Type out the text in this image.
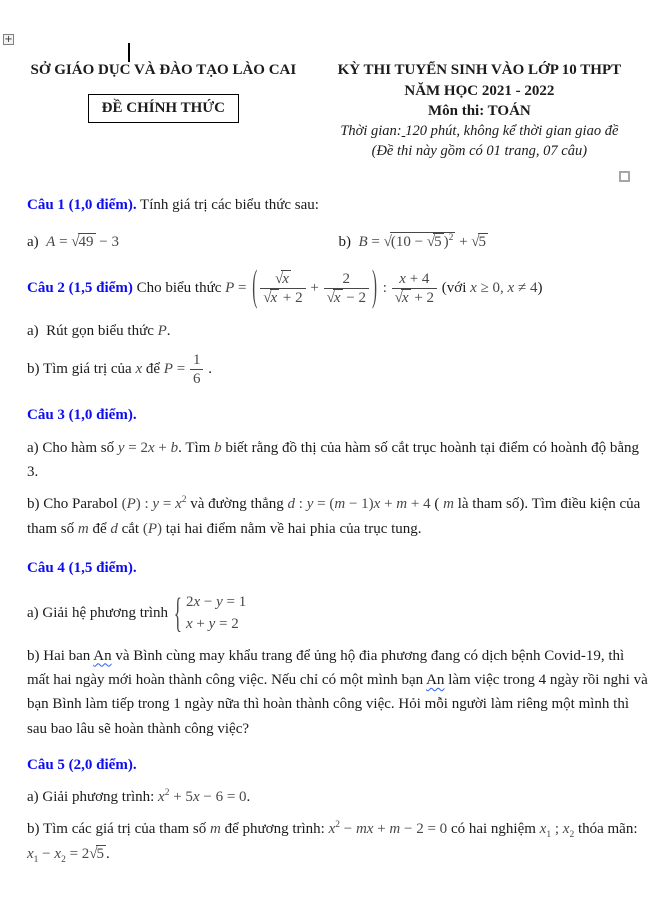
+
SỞ GIÁO DỤC VÀ ĐÀO TẠO LÀO CAI
ĐỀ CHÍNH THỨC
KỲ THI TUYỂN SINH VÀO LỚP 10 THPT
NĂM HỌC 2021 - 2022
Môn thi: TOÁN
Thời gian: 120 phút, không kể thời gian giao đề
(Đề thi này gồm có 01 trang, 07 câu)

Câu 1 (1,0 điểm). Tính giá trị các biểu thức sau:

a)  A = √49 − 3	b)  B = √(10 − √5 )$^2$ + √5

Câu 2 (1,5 điểm) Cho biểu thức P = ( $\frac{√x}{√x + 2} + \frac{2}{√x - 2}$ ) : $\frac{x + 4}{√x + 2}$ (với x ≥ 0, x ≠ 4)

a)  Rút gọn biểu thức P.

b) Tìm giá trị của x để $P = \frac{1}{6}$ .

Câu 3 (1,0 điểm).

a) Cho hàm số y = 2x + b. Tìm b biết rằng đồ thị của hàm số cắt trục hoành tại điểm có hoành độ bằng 3.

b) Cho Parabol (P) : $y = x^2$ và đường thẳng d : y = (m − 1)x + m + 4 ( m là tham số). Tìm điều kiện của tham số m để d cắt (P) tại hai điểm nằm về hai phia của trục tung.

Câu 4 (1,5 điểm).

a) Giải hệ phương trình { 2x − y = 1
x + y = 2

b) Hai ban An và Bình cùng may khẩu trang để ủng hộ đia phương đang có dịch bệnh Covid-19, thì mất hai ngày mới hoàn thành công việc. Nếu chỉ có một mình bạn An làm việc trong 4 ngày rồi nghi và bạn Bình làm tiếp trong 1 ngày nữa thì hoàn thành công việc. Hỏi mỗi người làm riêng một mình thì sau bao lâu sẽ hoàn thành công việc?

Câu 5 (2,0 điểm).

a) Giải phương trình: $x^2 + 5x - 6 = 0$.

b) Tìm các giá trị của tham số m để phương trình: $x^2$ − mx + m − 2 = 0 có hai nghiệm $x_1$ ; $x_2$ thóa mãn: $x_1 - x_2 = 2√5$ .
